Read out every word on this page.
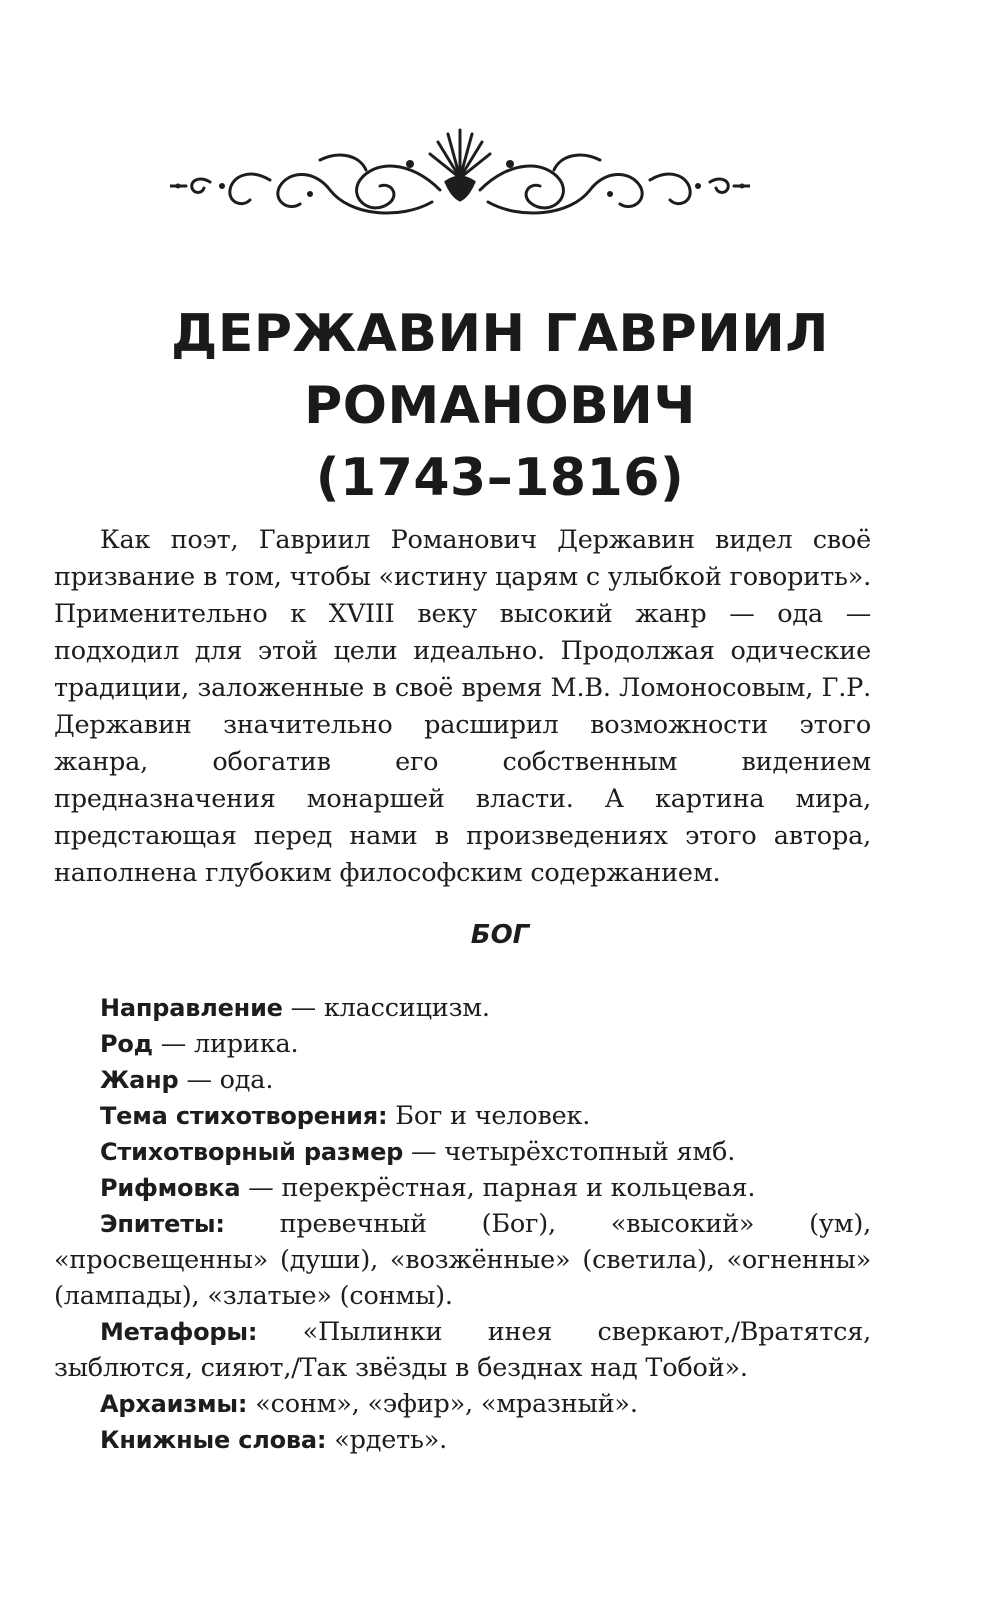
ДЕРЖАВИН ГАВРИИЛ
РОМАНОВИЧ
(1743–1816)

Как поэт, Гавриил Романович Державин видел своё призвание в том, чтобы «истину царям с улыбкой говорить». Применительно к XVIII веку высокий жанр — ода — подходил для этой цели идеально. Продолжая одические традиции, заложенные в своё время М.В. Ломоносовым, Г.Р. Державин значительно расширил возможности этого жанра, обогатив его собственным видением предназначения монаршей власти. А картина мира, предстающая перед нами в произведениях этого автора, наполнена глубоким философским содержанием.

БОГ

Направление — классицизм.

Род — лирика.

Жанр — ода.

Тема стихотворения: Бог и человек.

Стихотворный размер — четырёхстопный ямб.

Рифмовка — перекрёстная, парная и кольцевая.

Эпитеты: превечный (Бог), «высокий» (ум), «просвещенны» (души), «возжённые» (светила), «огненны» (лампады), «златые» (сонмы).

Метафоры: «Пылинки инея сверкают,/Вратятся, зыблются, сияют,/Так звёзды в безднах над Тобой».

Архаизмы: «сонм», «эфир», «мразный».

Книжные слова: «рдеть».
